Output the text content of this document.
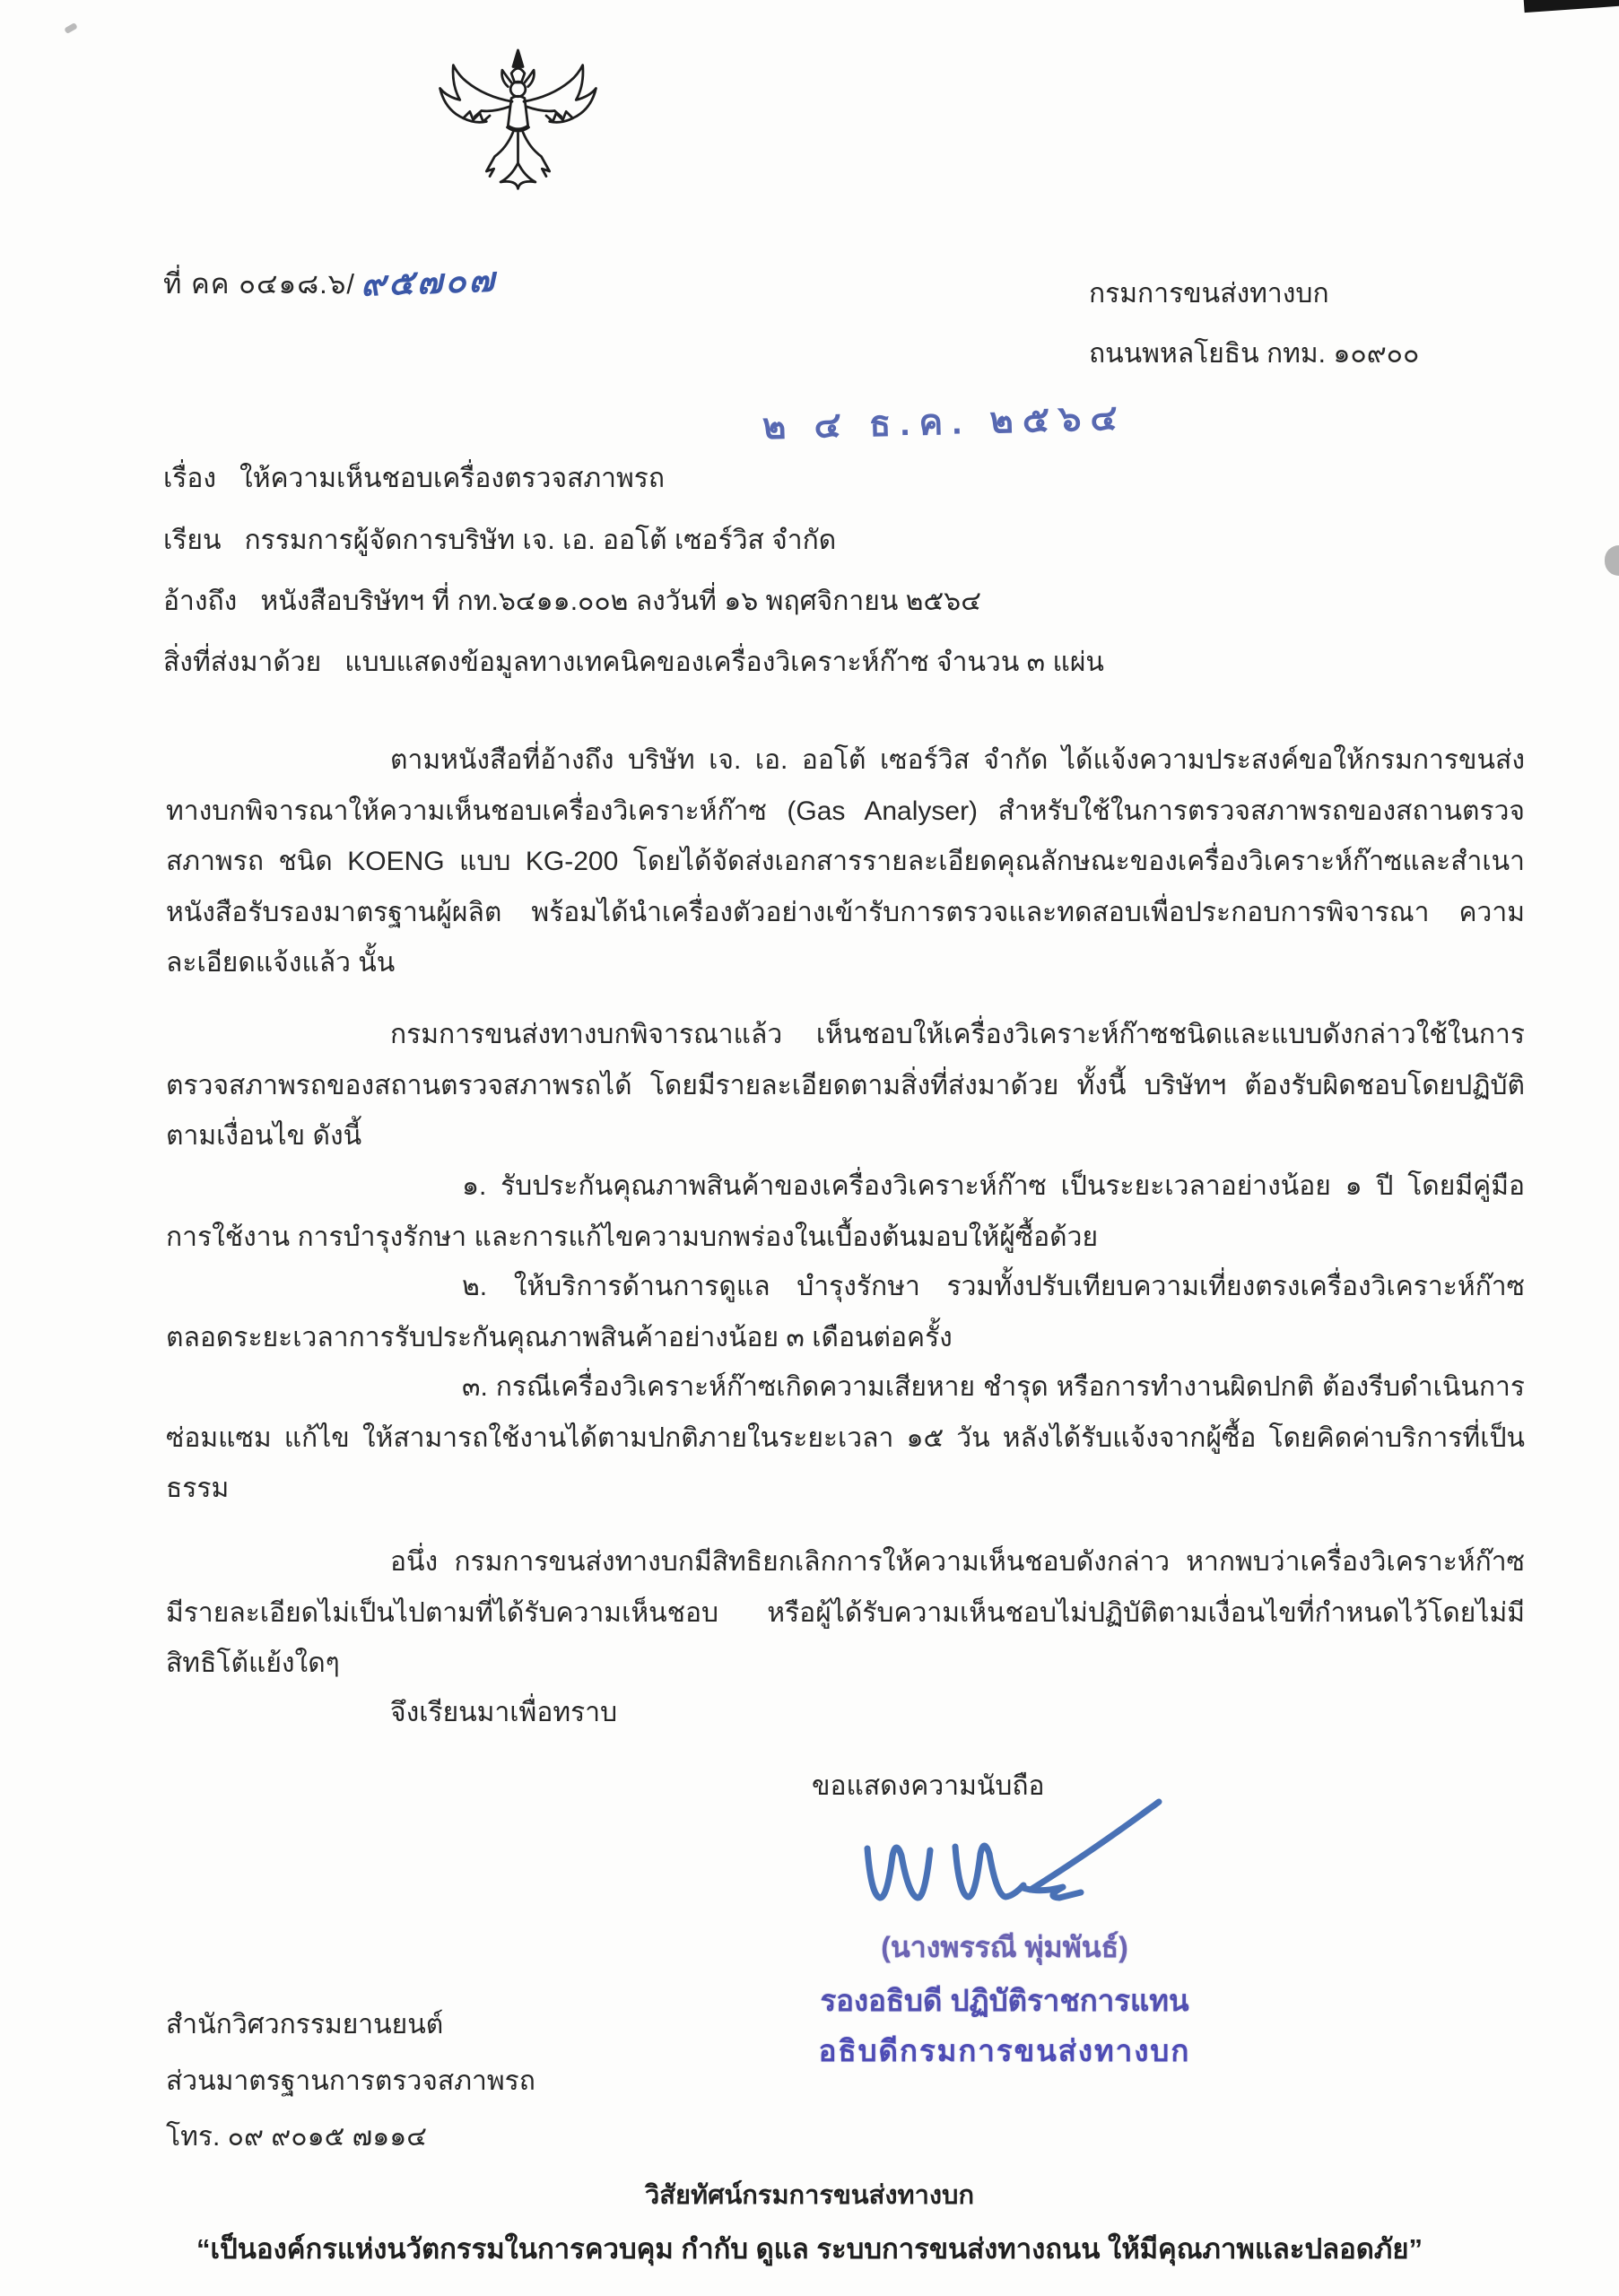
ที่ คค ๐๔๑๘.๖/ ๙๕๗๐๗	กรมการขนส่งทางบก
ถนนพหลโยธิน กทม. ๑๐๙๐๐
๒ ๔ ธ.ค. ๒๕๖๔
เรื่อง ให้ความเห็นชอบเครื่องตรวจสภาพรถ
เรียน กรรมการผู้จัดการบริษัท เจ. เอ. ออโต้ เซอร์วิส จำกัด
อ้างถึง หนังสือบริษัทฯ ที่ กท.๖๔๑๑.๐๐๒ ลงวันที่ ๑๖ พฤศจิกายน ๒๕๖๔
สิ่งที่ส่งมาด้วย แบบแสดงข้อมูลทางเทคนิคของเครื่องวิเคราะห์ก๊าซ จำนวน ๓ แผ่น
ตามหนังสือที่อ้างถึง บริษัท เจ. เอ. ออโต้ เซอร์วิส จำกัด ได้แจ้งความประสงค์ขอให้กรมการขนส่งทางบกพิจารณาให้ความเห็นชอบเครื่องวิเคราะห์ก๊าซ (Gas Analyser) สำหรับใช้ในการตรวจสภาพรถของสถานตรวจสภาพรถ ชนิด KOENG แบบ KG-200 โดยได้จัดส่งเอกสารรายละเอียดคุณลักษณะของเครื่องวิเคราะห์ก๊าซและสำเนาหนังสือรับรองมาตรฐานผู้ผลิต พร้อมได้นำเครื่องตัวอย่างเข้ารับการตรวจและทดสอบเพื่อประกอบการพิจารณา ความละเอียดแจ้งแล้ว นั้น
กรมการขนส่งทางบกพิจารณาแล้ว เห็นชอบให้เครื่องวิเคราะห์ก๊าซชนิดและแบบดังกล่าวใช้ในการตรวจสภาพรถของสถานตรวจสภาพรถได้ โดยมีรายละเอียดตามสิ่งที่ส่งมาด้วย ทั้งนี้ บริษัทฯ ต้องรับผิดชอบโดยปฏิบัติตามเงื่อนไข ดังนี้
๑. รับประกันคุณภาพสินค้าของเครื่องวิเคราะห์ก๊าซ เป็นระยะเวลาอย่างน้อย ๑ ปี โดยมีคู่มือการใช้งาน การบำรุงรักษา และการแก้ไขความบกพร่องในเบื้องต้นมอบให้ผู้ซื้อด้วย
๒. ให้บริการด้านการดูแล บำรุงรักษา รวมทั้งปรับเทียบความเที่ยงตรงเครื่องวิเคราะห์ก๊าซตลอดระยะเวลาการรับประกันคุณภาพสินค้าอย่างน้อย ๓ เดือนต่อครั้ง
๓. กรณีเครื่องวิเคราะห์ก๊าซเกิดความเสียหาย ชำรุด หรือการทำงานผิดปกติ ต้องรีบดำเนินการซ่อมแซม แก้ไข ให้สามารถใช้งานได้ตามปกติภายในระยะเวลา ๑๕ วัน หลังได้รับแจ้งจากผู้ซื้อ โดยคิดค่าบริการที่เป็นธรรม
อนึ่ง กรมการขนส่งทางบกมีสิทธิยกเลิกการให้ความเห็นชอบดังกล่าว หากพบว่าเครื่องวิเคราะห์ก๊าซมีรายละเอียดไม่เป็นไปตามที่ได้รับความเห็นชอบ หรือผู้ได้รับความเห็นชอบไม่ปฏิบัติตามเงื่อนไขที่กำหนดไว้โดยไม่มีสิทธิโต้แย้งใดๆ
จึงเรียนมาเพื่อทราบ
ขอแสดงความนับถือ
(นางพรรณี พุ่มพันธ์)
รองอธิบดี ปฏิบัติราชการแทน
อธิบดีกรมการขนส่งทางบก
สำนักวิศวกรรมยานยนต์
ส่วนมาตรฐานการตรวจสภาพรถ
โทร. ๐๙ ๙๐๑๕ ๗๑๑๔
วิสัยทัศน์กรมการขนส่งทางบก
“เป็นองค์กรแห่งนวัตกรรมในการควบคุม กำกับ ดูแล ระบบการขนส่งทางถนน ให้มีคุณภาพและปลอดภัย”
